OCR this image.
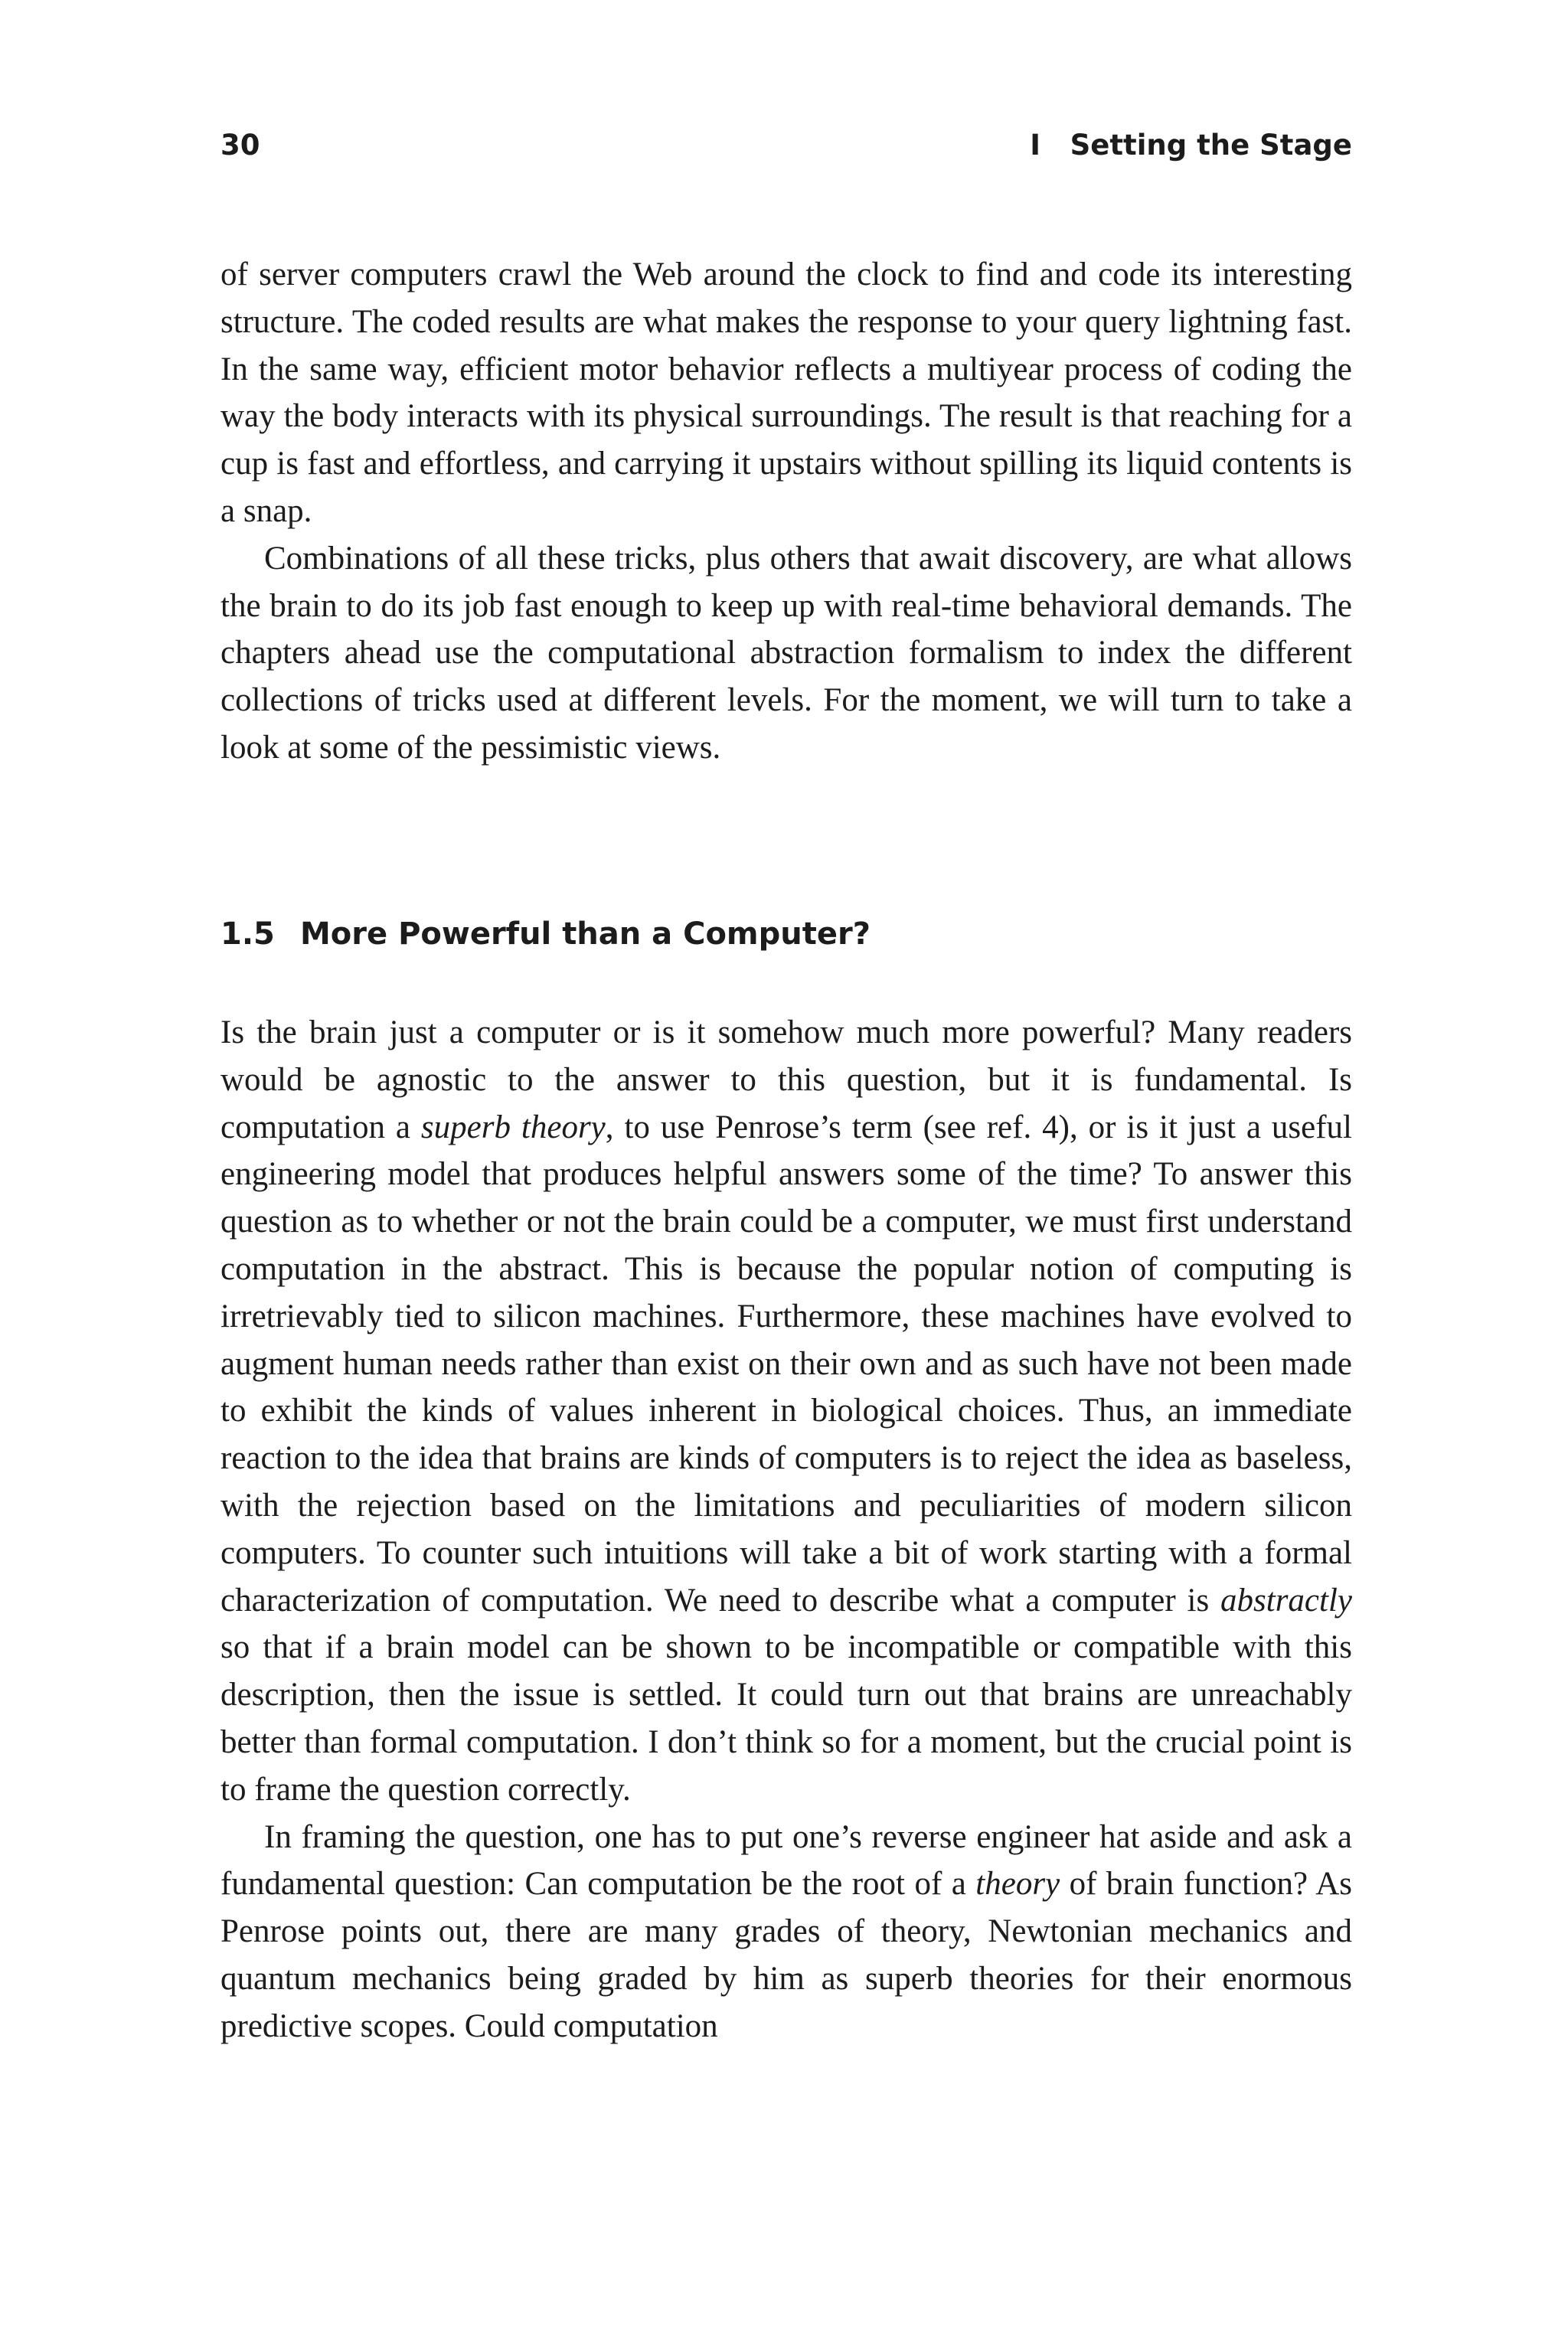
30	I   Setting the Stage

of server computers crawl the Web around the clock to find and code its interesting structure. The coded results are what makes the response to your query lightning fast. In the same way, efficient motor behavior reflects a multiyear process of coding the way the body interacts with its physical surroundings. The result is that reaching for a cup is fast and effortless, and carrying it upstairs without spilling its liquid contents is a snap.

Combinations of all these tricks, plus others that await discovery, are what allows the brain to do its job fast enough to keep up with real-time behavioral demands. The chapters ahead use the computational abstraction formalism to index the different collections of tricks used at different levels. For the moment, we will turn to take a look at some of the pessimistic views.

1.5 More Powerful than a Computer?

Is the brain just a computer or is it somehow much more powerful? Many readers would be agnostic to the answer to this question, but it is fundamental. Is computation a superb theory, to use Penrose’s term (see ref. 4), or is it just a useful engineering model that produces helpful answers some of the time? To answer this question as to whether or not the brain could be a computer, we must first understand computation in the abstract. This is because the popular notion of computing is irretrievably tied to silicon machines. Furthermore, these machines have evolved to augment human needs rather than exist on their own and as such have not been made to exhibit the kinds of values inherent in biological choices. Thus, an immediate reaction to the idea that brains are kinds of computers is to reject the idea as baseless, with the rejection based on the limitations and peculiarities of modern silicon computers. To counter such intuitions will take a bit of work starting with a formal characterization of computation. We need to describe what a computer is abstractly so that if a brain model can be shown to be incompatible or compatible with this description, then the issue is settled. It could turn out that brains are unreachably better than formal computation. I don’t think so for a moment, but the crucial point is to frame the question correctly.

In framing the question, one has to put one’s reverse engineer hat aside and ask a fundamental question: Can computation be the root of a theory of brain function? As Penrose points out, there are many grades of theory, Newtonian mechanics and quantum mechanics being graded by him as superb theories for their enormous predictive scopes. Could computation
